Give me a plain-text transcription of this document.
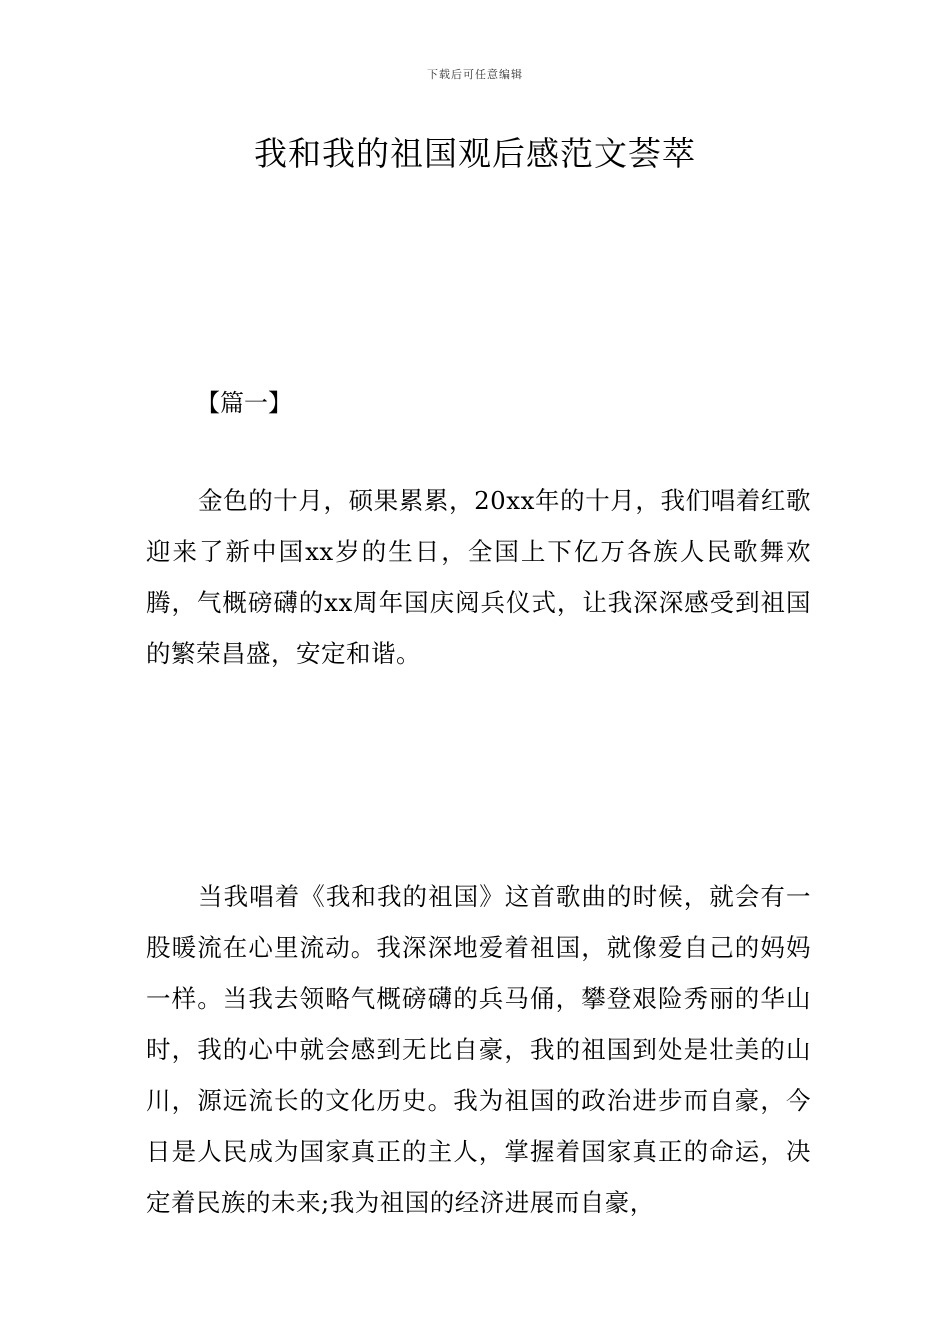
下载后可任意编辑
我和我的祖国观后感范文荟萃
【篇一】

金色的十月，硕果累累，20xx年的十月，我们唱着红歌迎来了新中国xx岁的生日，全国上下亿万各族人民歌舞欢腾，气概磅礴的xx周年国庆阅兵仪式，让我深深感受到祖国的繁荣昌盛，安定和谐。

当我唱着《我和我的祖国》这首歌曲的时候，就会有一股暖流在心里流动。我深深地爱着祖国，就像爱自己的妈妈一样。当我去领略气概磅礴的兵马俑，攀登艰险秀丽的华山时，我的心中就会感到无比自豪，我的祖国到处是壮美的山川，源远流长的文化历史。我为祖国的政治进步而自豪，今日是人民成为国家真正的主人，掌握着国家真正的命运，决定着民族的未来;我为祖国的经济进展而自豪，
